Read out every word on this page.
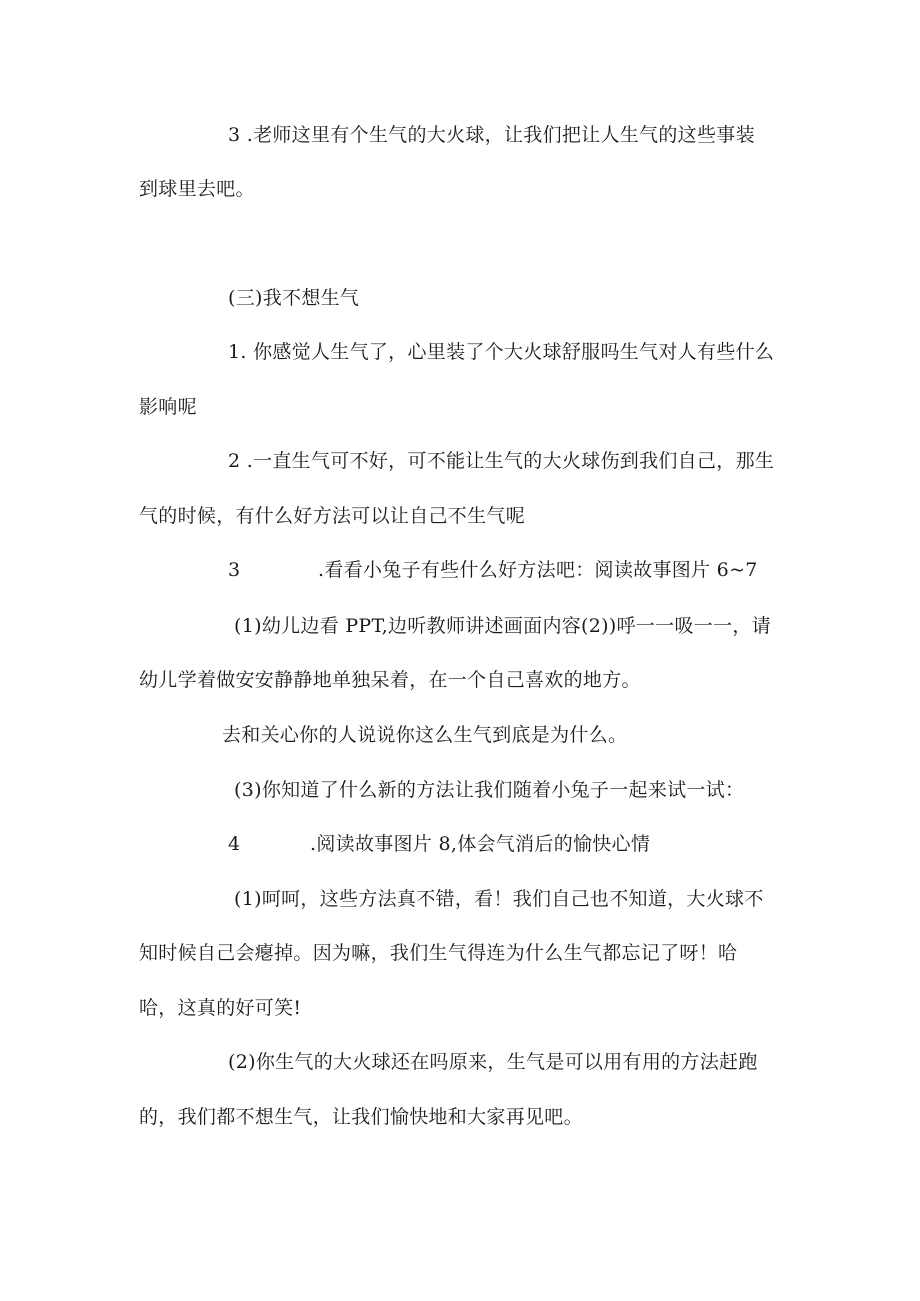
3 .老师这里有个生气的大火球，让我们把让人生气的这些事装
到球里去吧。
(三)我不想生气
1. 你感觉人生气了，心里装了个大火球舒服吗生气对人有些什么
影响呢
2 .一直生气可不好，可不能让生气的大火球伤到我们自己，那生
气的时候，有什么好方法可以让自己不生气呢
3	.看看小兔子有些什么好方法吧：阅读故事图片 6~7
(1)幼儿边看 PPT,边听教师讲述画面内容(2))呼一一吸一一，请
幼儿学着做安安静静地单独呆着，在一个自己喜欢的地方。
去和关心你的人说说你这么生气到底是为什么。
(3)你知道了什么新的方法让我们随着小兔子一起来试一试：
4	.阅读故事图片 8,体会气消后的愉快心情
(1)呵呵，这些方法真不错，看！我们自己也不知道，大火球不
知时候自己会瘪掉。因为嘛，我们生气得连为什么生气都忘记了呀！哈
哈，这真的好可笑!
(2)你生气的大火球还在吗原来，生气是可以用有用的方法赶跑
的，我们都不想生气，让我们愉快地和大家再见吧。
